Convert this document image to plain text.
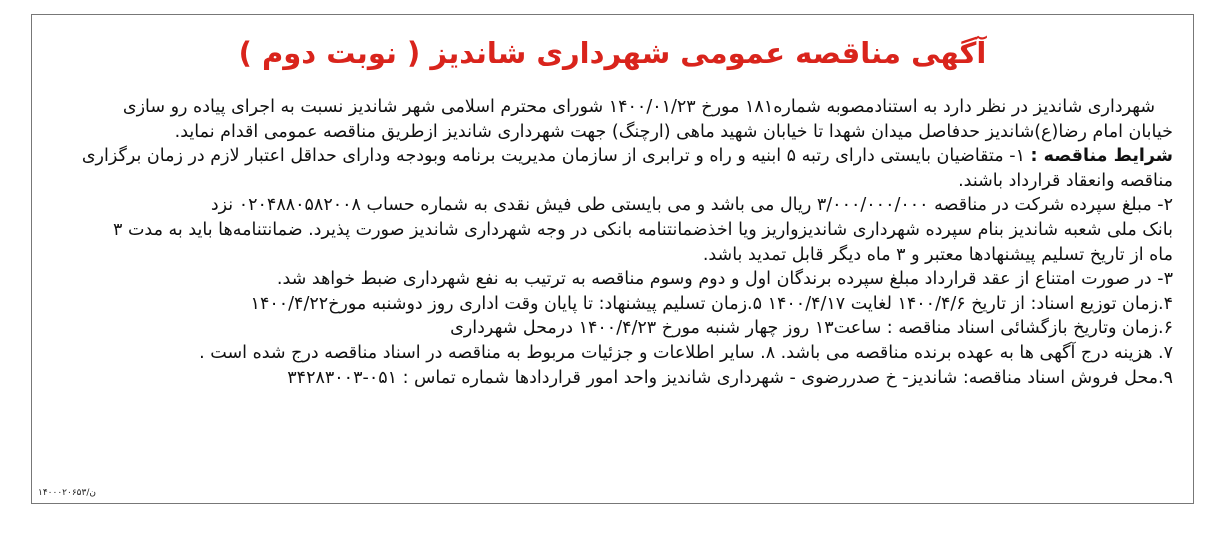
آگهی مناقصه عمومی شهرداری شاندیز ( نوبت دوم )
شهرداری شاندیز در نظر دارد به استنادمصوبه شماره۱۸۱ مورخ ۱۴۰۰/۰۱/۲۳ شورای محترم اسلامی شهر شاندیز نسبت به اجرای پیاده رو سازی
خیابان امام رضا(ع)شاندیز حدفاصل میدان شهدا تا خیابان شهید ماهی (ارچنگ) جهت شهرداری شاندیز ازطریق مناقصه عمومی اقدام نماید.
شرایط مناقصه : ۱- متقاضیان بایستی دارای رتبه ۵ ابنیه و راه و ترابری از سازمان مدیریت برنامه وبودجه ودارای حداقل اعتبار لازم در زمان برگزاری
مناقصه وانعقاد قرارداد باشند.
۲- مبلغ سپرده شرکت در مناقصه ۳/۰۰۰/۰۰۰/۰۰۰ ریال می باشد و می بایستی طی فیش نقدی به شماره حساب ۰۲۰۴۸۸۰۵۸۲۰۰۸ نزد
بانک ملی شعبه شاندیز بنام سپرده شهرداری شاندیزواریز ویا اخذضمانتنامه بانکی در وجه شهرداری شاندیز صورت پذیرد. ضمانتنامه‌ها باید به مدت ۳
ماه از تاریخ تسلیم پیشنهادها معتبر و ۳ ماه دیگر قابل تمدید باشد.
۳- در صورت امتناع از عقد قرارداد مبلغ سپرده برندگان اول و دوم وسوم مناقصه به ترتیب به نفع شهرداری ضبط خواهد شد.
۴.زمان توزیع اسناد: از تاریخ ۱۴۰۰/۴/۶ لغایت ۱۴۰۰/۴/۱۷ ۵.زمان تسلیم پیشنهاد: تا پایان وقت اداری روز دوشنبه مورخ۱۴۰۰/۴/۲۲
۶.زمان وتاریخ بازگشائی اسناد مناقصه : ساعت۱۳ روز چهار شنبه مورخ ۱۴۰۰/۴/۲۳ درمحل شهرداری
۷. هزینه درج آگهی ها به عهده برنده مناقصه می باشد. ۸. سایر اطلاعات و جزئیات مربوط به مناقصه در اسناد مناقصه درج شده است .
۹.محل فروش اسناد مناقصه: شاندیز- خ صدررضوی - شهرداری شاندیز واحد امور قراردادها شماره تماس : ۰۵۱-۳۴۲۸۳۰۰۳
ن/۱۴۰۰۰۲۰۶۵۳
